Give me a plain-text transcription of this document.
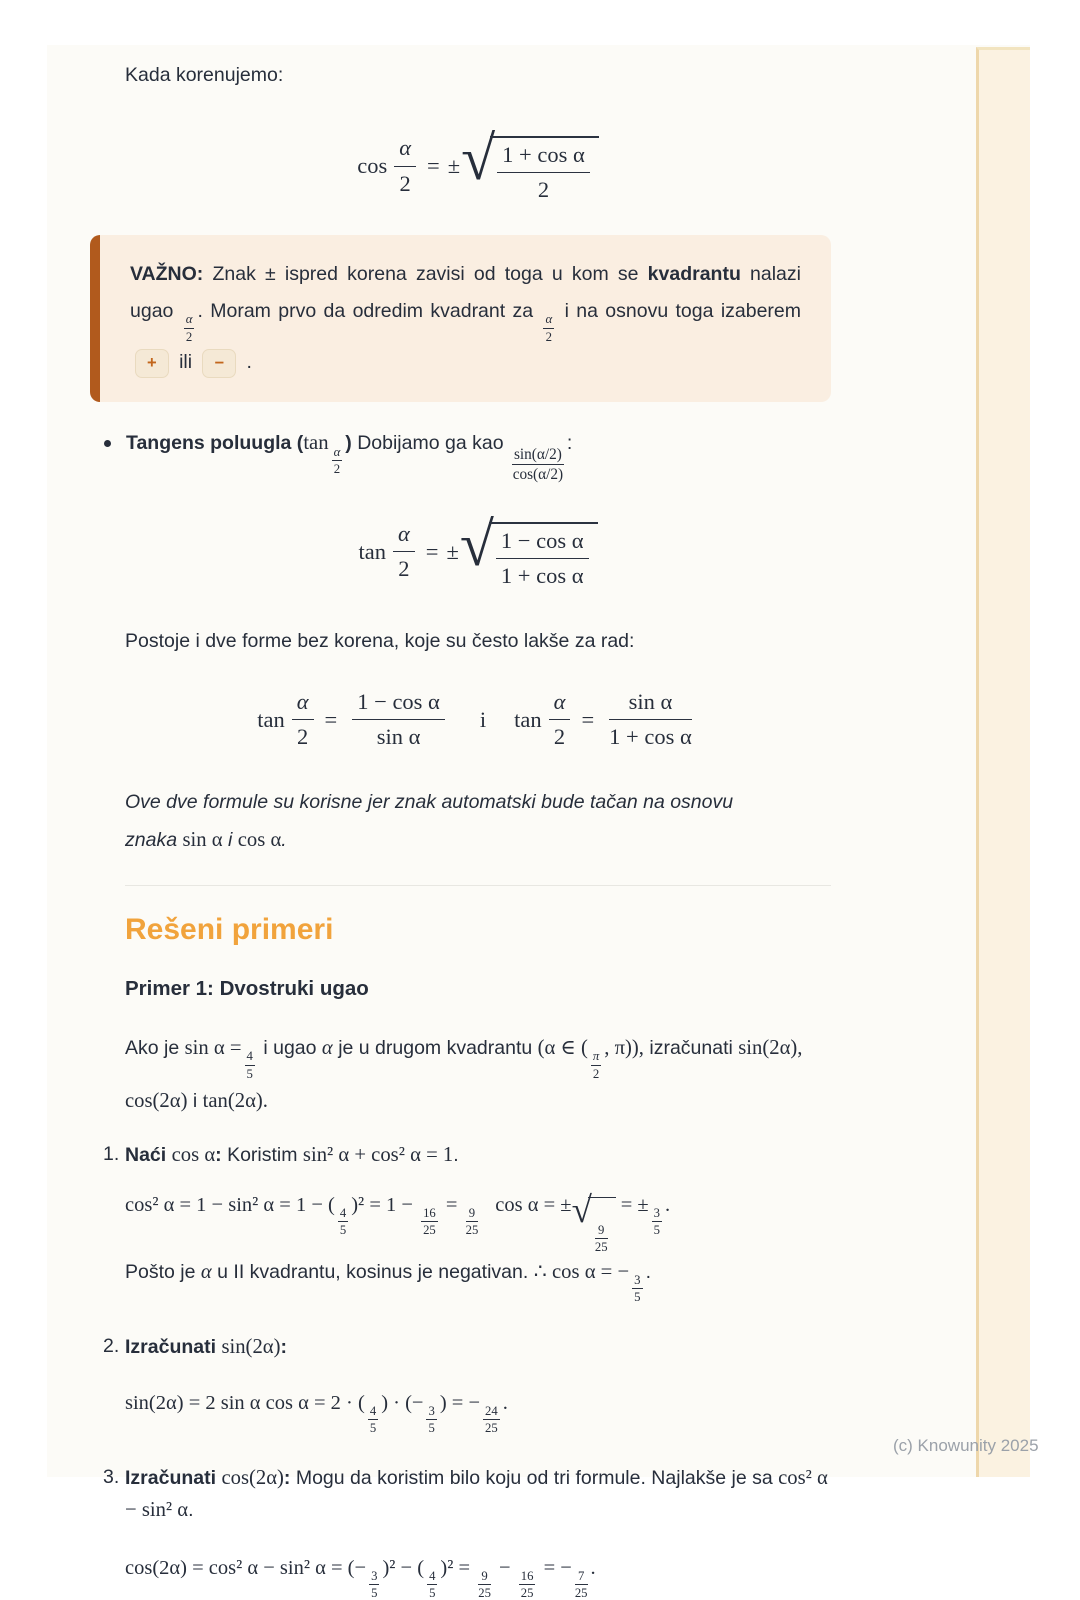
Kada korenujemo:

$\cos \frac{\alpha}{2}$ = ± √ $\frac{\text{1 + cos α}}{2}$

VAŽNO: Znak ± ispred korena zavisi od toga u kom se kvadrantu nalazi ugao
$\frac{\alpha}{2}$
. Moram prvo da odredim kvadrant za
$\frac{\alpha}{2}$
i na osnovu toga izaberem + ili − .

Tangens poluugla (tan
$\frac{\alpha}{2}$
) Dobijamo ga kao
$\frac{\sin(\alpha/2)}{\cos(\alpha/2)}$
:

$\tan \frac{\alpha}{2}$ = ± √ $\frac{\text{1 − cos α}}{\text{1 + cos α}}$

Postoje i dve forme bez korena, koje su često lakše za rad:

$\tan \frac{\alpha}{2} = \frac{\text{1 − cos α}}{\text{sin α}}$ i $\tan \frac{\alpha}{2} = \frac{\text{sin α}}{\text{1 + cos α}}$

Ove dve formule su korisne jer znak automatski bude tačan na osnovu
znaka sin α i cos α.

Rešeni primeri
Primer 1: Dvostruki ugao

Ako je sin α =
$\frac{4}{5}$
i ugao α je u drugom kvadrantu (α ∈ (
$\frac{\pi}{2}$
, π)), izračunati sin(2α), cos(2α) i tan(2α).

1. Naći cos α: Koristim sin² α + cos² α = 1.

cos² α = 1 − sin² α = 1 − (
$\frac{4}{5}$
)² = 1 −
$\frac{16}{25}$
=
$\frac{9}{25}$
cos α = ± √
$\frac{9}{25}$
= ±
$\frac{3}{5}$
.

Pošto je α u II kvadrantu, kosinus je negativan. ∴ cos α = −
$\frac{3}{5}$
.

2. Izračunati sin(2α):

sin(2α) = 2 sin α cos α = 2 · (
$\frac{4}{5}$
) · (−
$\frac{3}{5}$
) = −
$\frac{24}{25}$
.

3. Izračunati cos(2α): Mogu da koristim bilo koju od tri formule. Najlakše je sa cos² α − sin² α.

cos(2α) = cos² α − sin² α = (−
$\frac{3}{5}$
)² − (
$\frac{4}{5}$
)² =
$\frac{9}{25}$
−
$\frac{16}{25}$
= −
$\frac{7}{25}$
.

(c) Knowunity 2025
